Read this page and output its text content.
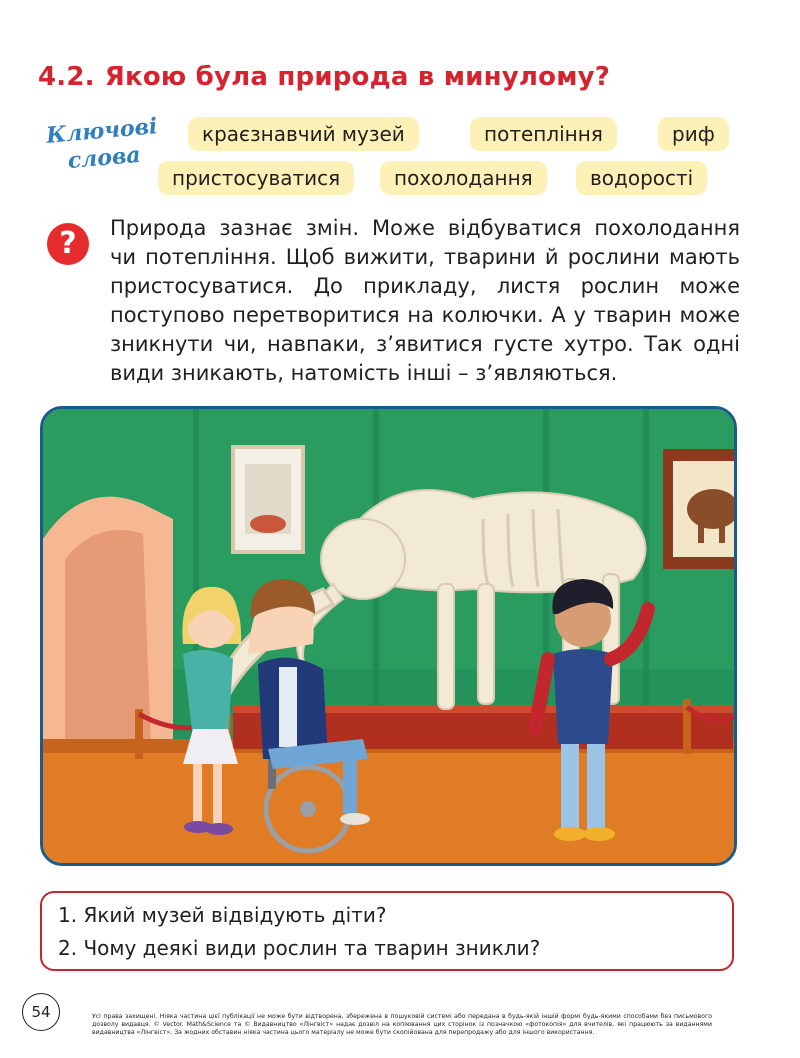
4.2. Якою була природа в минулому?
Ключові
слова
краєзнавчий музей	потепління	риф
пристосуватися	похолодання	водорості
?	Природа зазнає змін. Може відбуватися похолодання чи потепління. Щоб вижити, тварини й рослини мають пристосуватися. До прикладу, листя рослин може поступово перетворитися на колючки. А у тварин може зникнути чи, навпаки, з’явитися густе хутро. Так одні види зникають, натомість інші – з’являються.

1. Який музей відвідують діти?
2. Чому деякі види рослин та тварин зникли?
54	Усі права захищені. Ніяка частина цієї публікації не може бути відтворена, збережена в пошуковій системі або передана в будь-якій іншій формі будь-якими способами без письмового дозволу видавця. © Vector. Math&Science та © Видавництво «Лінгвіст» надає дозвіл на копіювання цих сторінок із позначкою «фотокопія» для вчителів, які працюють за виданнями видавництва «Лінгвіст». За жодних обставин ніяка частина цього матеріалу не може бути скопійована для перепродажу або для іншого використання.
